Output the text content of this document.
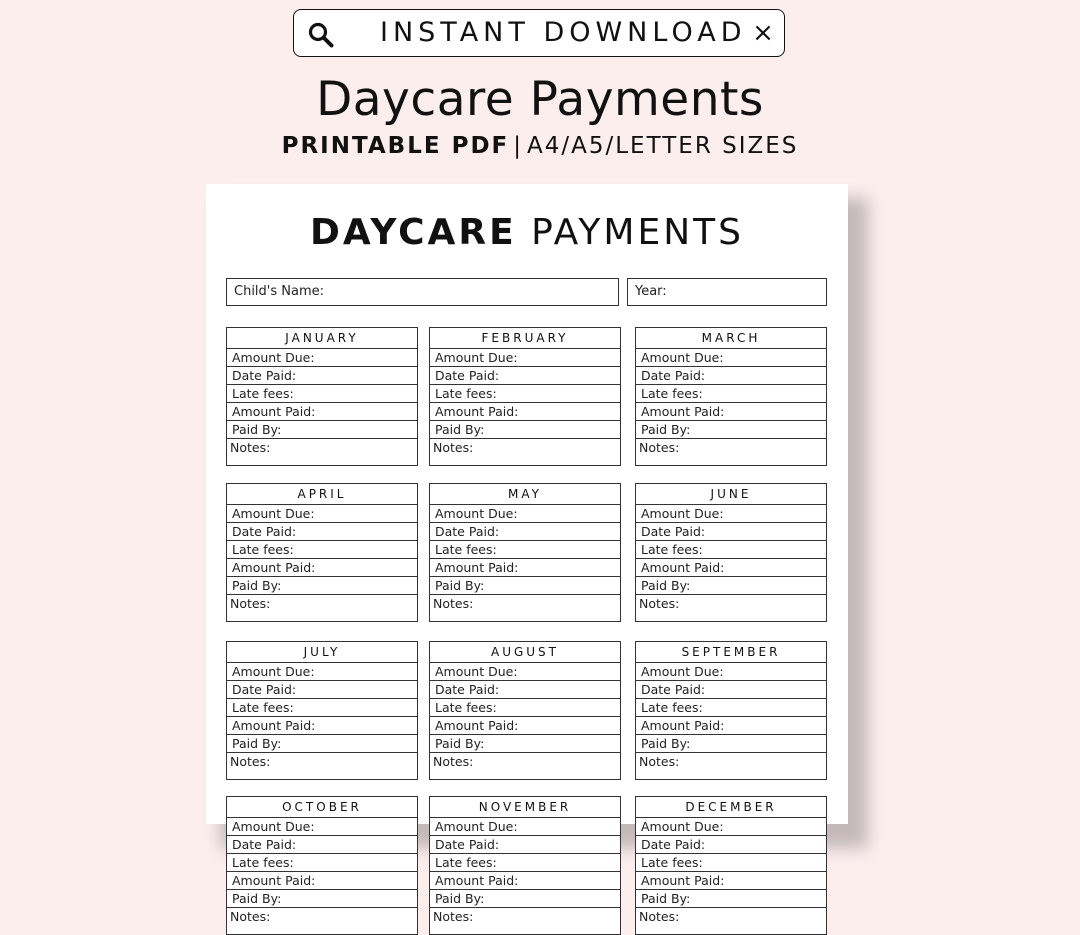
INSTANT DOWNLOAD ×
Daycare Payments
PRINTABLE PDF | A4/A5/LETTER SIZES
DAYCARE PAYMENTS
Child's Name:	Year:
JANUARY
Amount Due:
Date Paid:
Late fees:
Amount Paid:
Paid By:
Notes:
FEBRUARY
Amount Due:
Date Paid:
Late fees:
Amount Paid:
Paid By:
Notes:
MARCH
Amount Due:
Date Paid:
Late fees:
Amount Paid:
Paid By:
Notes:
APRIL
Amount Due:
Date Paid:
Late fees:
Amount Paid:
Paid By:
Notes:
MAY
Amount Due:
Date Paid:
Late fees:
Amount Paid:
Paid By:
Notes:
JUNE
Amount Due:
Date Paid:
Late fees:
Amount Paid:
Paid By:
Notes:
JULY
Amount Due:
Date Paid:
Late fees:
Amount Paid:
Paid By:
Notes:
AUGUST
Amount Due:
Date Paid:
Late fees:
Amount Paid:
Paid By:
Notes:
SEPTEMBER
Amount Due:
Date Paid:
Late fees:
Amount Paid:
Paid By:
Notes:
OCTOBER
Amount Due:
Date Paid:
Late fees:
Amount Paid:
Paid By:
Notes:
NOVEMBER
Amount Due:
Date Paid:
Late fees:
Amount Paid:
Paid By:
Notes:
DECEMBER
Amount Due:
Date Paid:
Late fees:
Amount Paid:
Paid By:
Notes:
